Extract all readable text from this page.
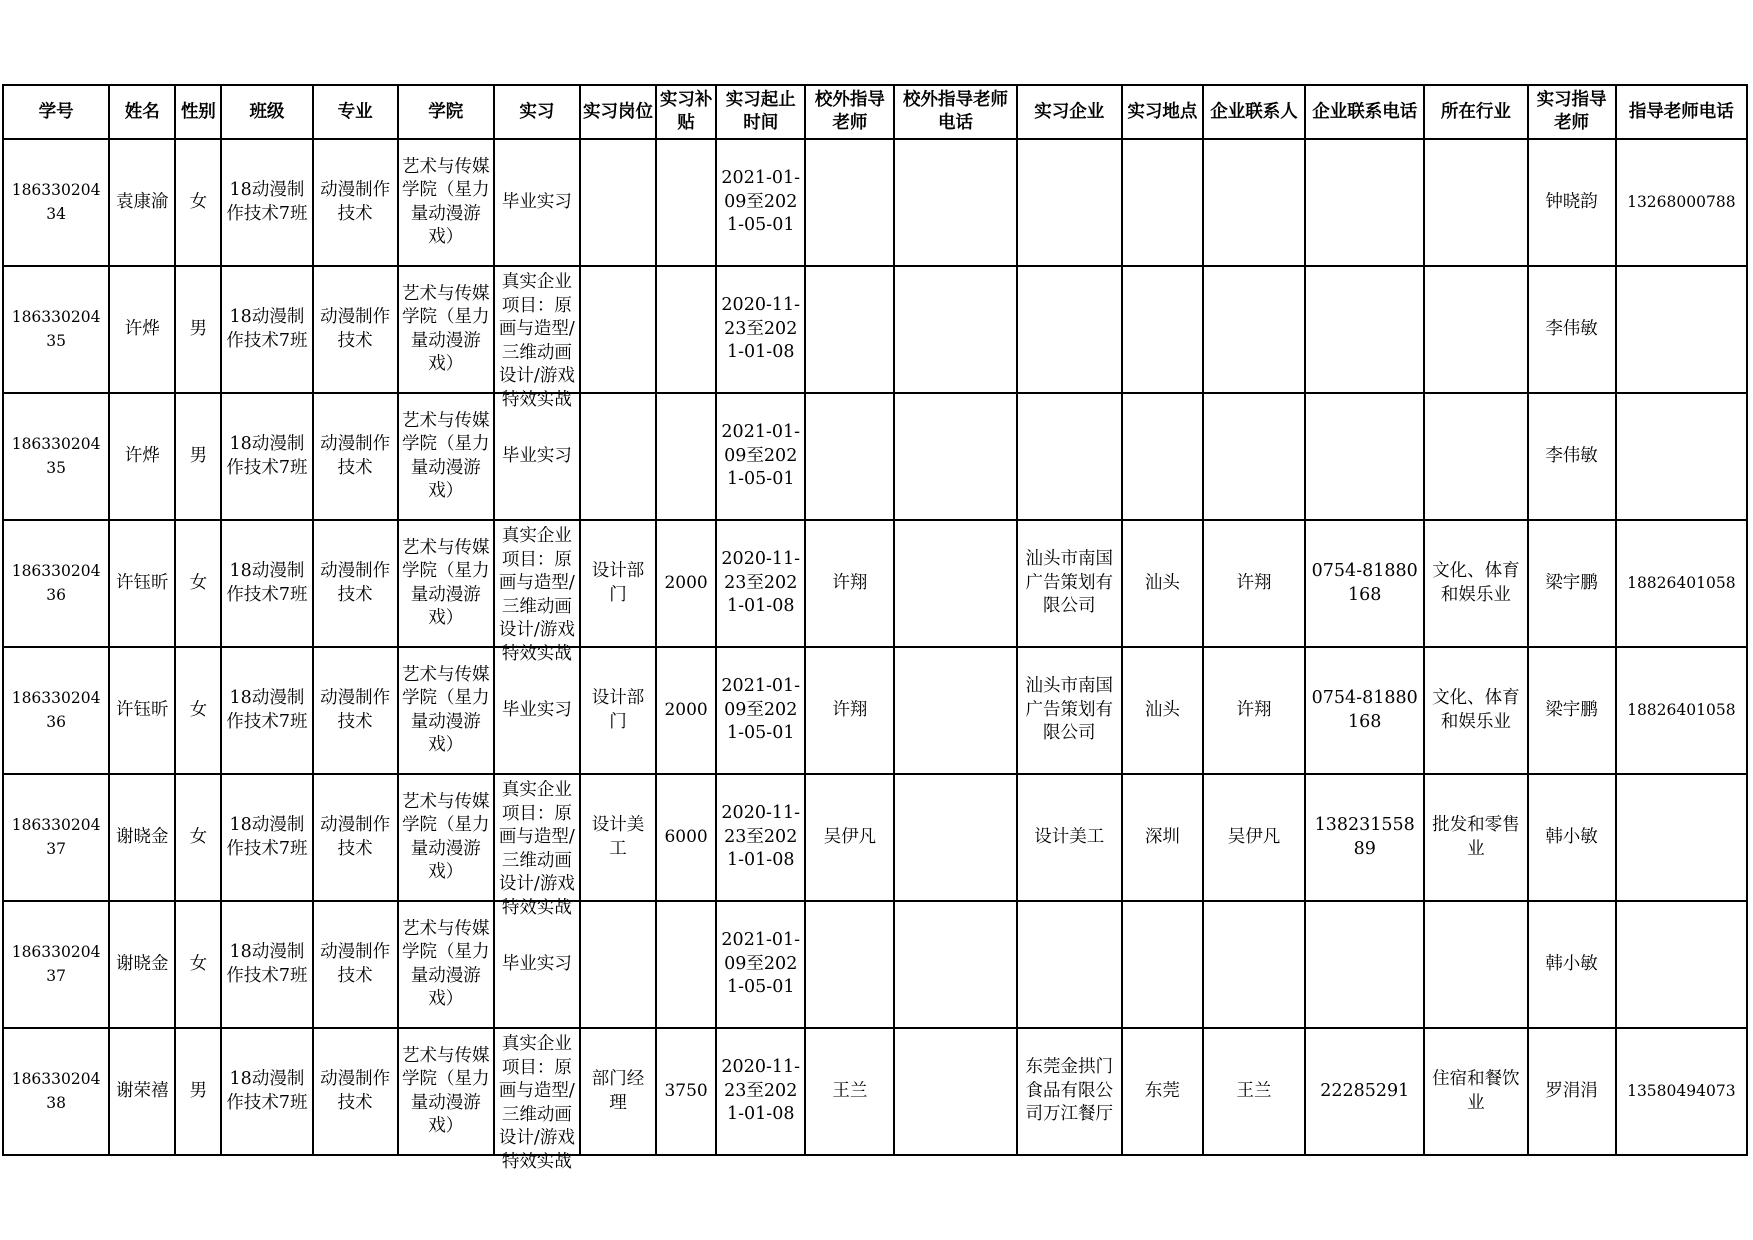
学号	姓名	性别	班级	专业	学院	实习	实习岗位	实习补贴	实习起止时间	校外指导老师	校外指导老师电话	实习企业	实习地点	企业联系人	企业联系电话	所在行业	实习指导老师	指导老师电话

18633020434	袁康渝	女	18动漫制作技术7班	动漫制作技术	艺术与传媒学院（星力量动漫游戏）	毕业实习			2021-01-09至2021-05-01								钟晓韵	13268000788

18633020435	许烨	男	18动漫制作技术7班	动漫制作技术	艺术与传媒学院（星力量动漫游戏）	真实企业项目：原画与造型/三维动画设计/游戏特效实战			2020-11-23至2021-01-08								李伟敏	

18633020435	许烨	男	18动漫制作技术7班	动漫制作技术	艺术与传媒学院（星力量动漫游戏）	毕业实习			2021-01-09至2021-05-01								李伟敏	

18633020436	许钰昕	女	18动漫制作技术7班	动漫制作技术	艺术与传媒学院（星力量动漫游戏）	真实企业项目：原画与造型/三维动画设计/游戏特效实战	设计部门	2000	2020-11-23至2021-01-08	许翔		汕头市南国广告策划有限公司	汕头	许翔	0754-81880168	文化、体育和娱乐业	梁宇鹏	18826401058

18633020436	许钰昕	女	18动漫制作技术7班	动漫制作技术	艺术与传媒学院（星力量动漫游戏）	毕业实习	设计部门	2000	2021-01-09至2021-05-01	许翔		汕头市南国广告策划有限公司	汕头	许翔	0754-81880168	文化、体育和娱乐业	梁宇鹏	18826401058

18633020437	谢晓金	女	18动漫制作技术7班	动漫制作技术	艺术与传媒学院（星力量动漫游戏）	真实企业项目：原画与造型/三维动画设计/游戏特效实战	设计美工	6000	2020-11-23至2021-01-08	吴伊凡		设计美工	深圳	吴伊凡	13823155889	批发和零售业	韩小敏	

18633020437	谢晓金	女	18动漫制作技术7班	动漫制作技术	艺术与传媒学院（星力量动漫游戏）	毕业实习			2021-01-09至2021-05-01								韩小敏	

18633020438	谢荣禧	男	18动漫制作技术7班	动漫制作技术	艺术与传媒学院（星力量动漫游戏）	真实企业项目：原画与造型/三维动画设计/游戏特效实战	部门经理	3750	2020-11-23至2021-01-08	王兰		东莞金拱门食品有限公司万江餐厅	东莞	王兰	22285291	住宿和餐饮业	罗涓涓	13580494073
